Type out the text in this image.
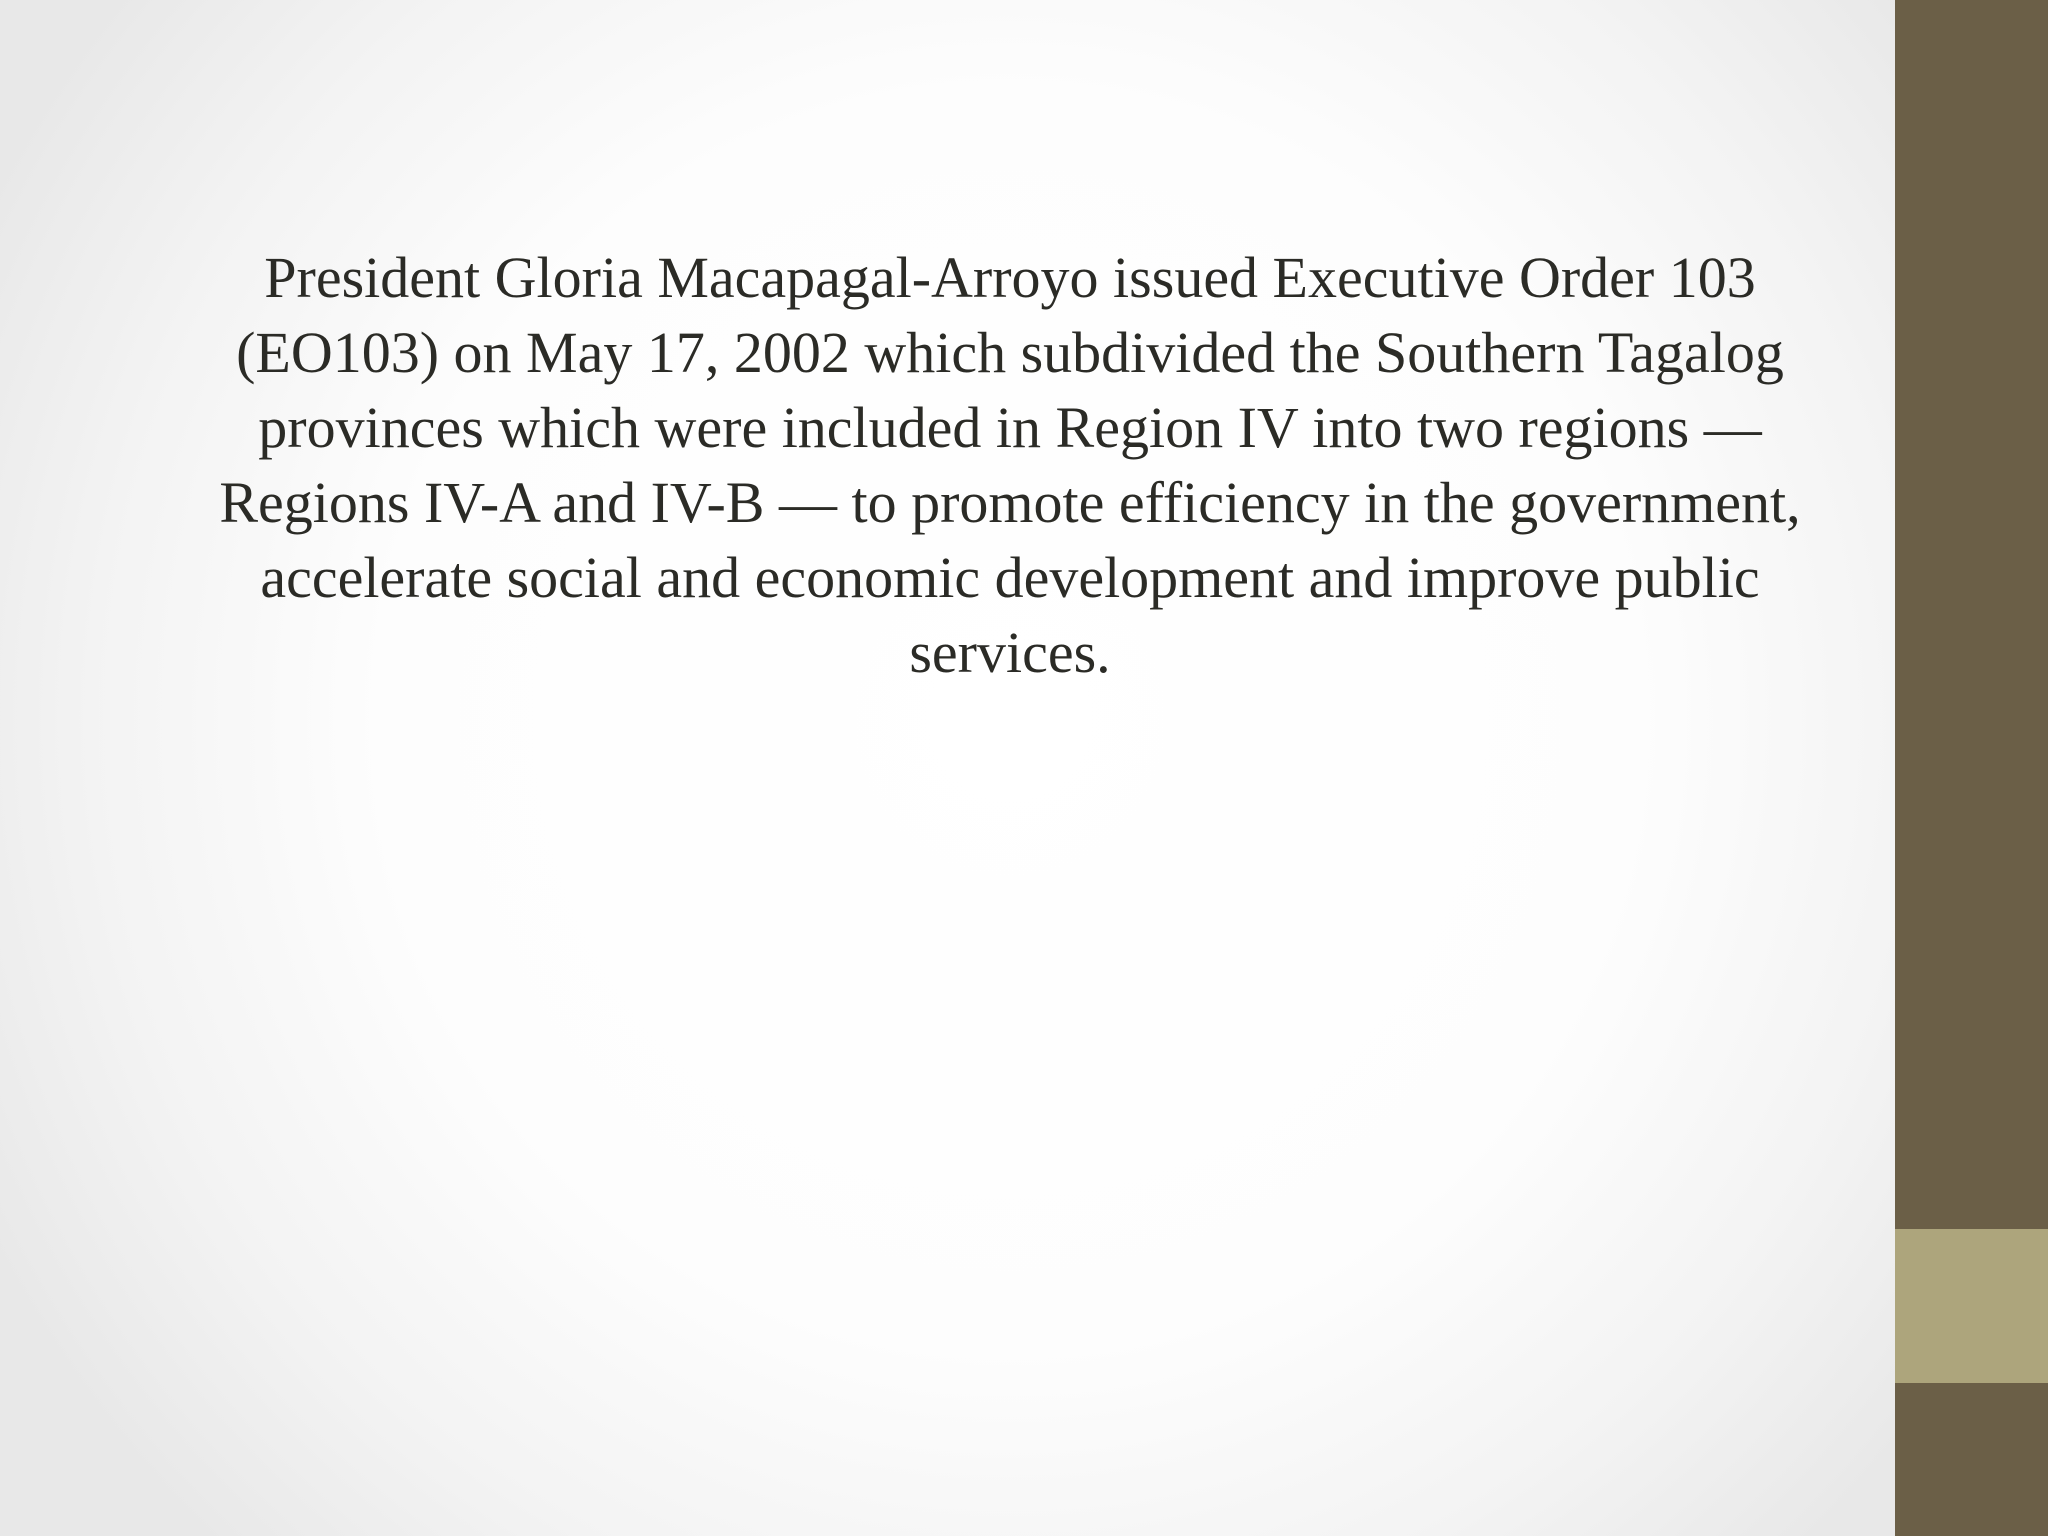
President Gloria Macapagal-Arroyo issued Executive Order 103 (EO103) on May 17, 2002 which subdivided the Southern Tagalog provinces which were included in Region IV into two regions — Regions IV-A and IV-B — to promote efficiency in the government, accelerate social and economic development and improve public services.
